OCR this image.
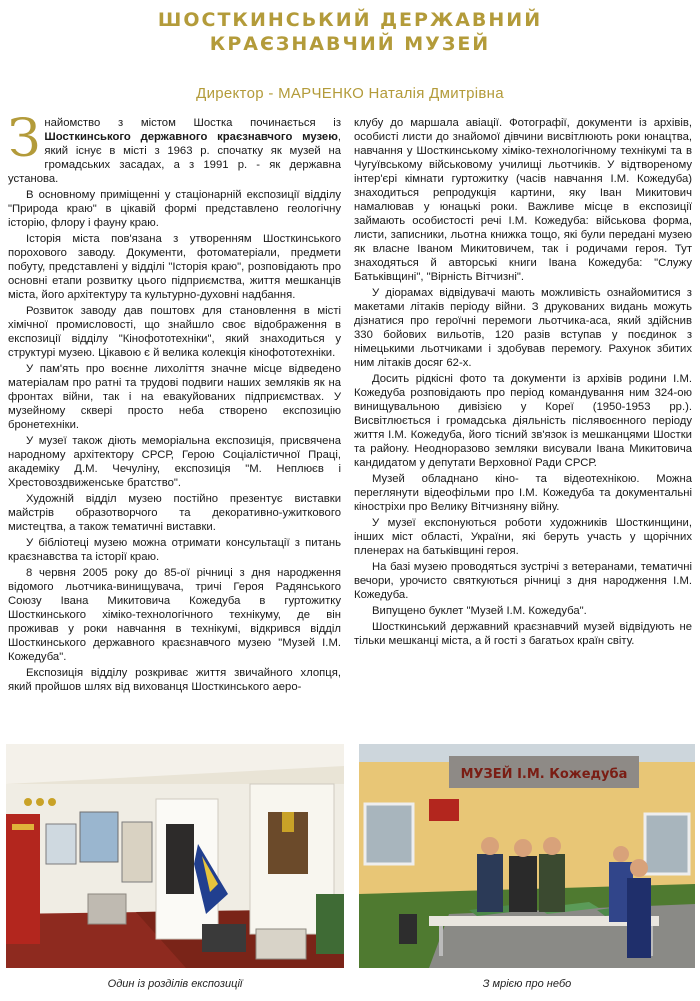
ШОСТКИНСЬКИЙ ДЕРЖАВНИЙ
КРАЄЗНАВЧИЙ МУЗЕЙ
Директор - МАРЧЕНКО Наталія Дмитрівна

Знайомство з містом Шостка починається із Шосткинського державного краєзнавчого музею, який існує в місті з 1963 р. спочатку як музей на громадських засадах, а з 1991 р. - як державна установа.

В основному приміщенні у стаціонарній експозиції відділу "Природа краю" в цікавій формі представлено геологічну історію, флору і фауну краю.

Історія міста пов'язана з утворенням Шосткинського порохового заводу. Документи, фотоматеріали, предмети побуту, представлені у відділі "Історія краю", розповідають про основні етапи розвитку цього підприємства, життя мешканців міста, його архітектуру та культурно-духовні надбання.

Розвиток заводу дав поштовх для становлення в місті хімічної промисловості, що знайшло своє відображення в експозиції відділу "Кінофототехніки", який знаходиться у структурі музею. Цікавою є й велика колекція кінофототехніки.

У пам'ять про воєнне лихоліття значне місце відведено матеріалам про ратні та трудові подвиги наших земляків як на фронтах війни, так і на евакуйованих підприємствах. У музейному сквері просто неба створено експозицію бронетехніки.

У музеї також діють меморіальна експозиція, присвячена народному архітектору СРСР, Герою Соціалістичної Праці, академіку Д.М. Чечуліну, експозиція "М. Неплюєв і Хрестовоздвиженське братство".

Художній відділ музею постійно презентує виставки майстрів образотворчого та декоративно-ужиткового мистецтва, а також тематичні виставки.

У бібліотеці музею можна отримати консультації з питань краєзнавства та історії краю.

8 червня 2005 року до 85-ої річниці з дня народження відомого льотчика-винищувача, тричі Героя Радянського Союзу Івана Микитовича Кожедуба в гуртожитку Шосткинського хіміко-технологічного технікуму, де він проживав у роки навчання в технікумі, відкрився відділ Шосткинського державного краєзнавчого музею "Музей І.М. Кожедуба".

Експозиція відділу розкриває життя звичайного хлопця, який пройшов шлях від вихованця Шосткинського аеро-

клубу до маршала авіації. Фотографії, документи із архівів, особисті листи до знайомої дівчини висвітлюють роки юнацтва, навчання у Шосткинському хіміко-технологічному технікумі та в Чугуївському військовому училищі льотчиків. У відтвореному інтер'єрі кімнати гуртожитку (часів навчання І.М. Кожедуба) знаходиться репродукція картини, яку Іван Микитович намалював у юнацькі роки. Важливе місце в експозиції займають особистості речі І.М. Кожедуба: військова форма, листи, записники, льотна книжка тощо, які були передані музею як власне Іваном Микитовичем, так і родичами героя. Тут знаходяться й авторські книги Івана Кожедуба: "Служу Батьківщині", "Вірність Вітчизні".

У діорамах відвідувачі мають можливість ознайомитися з макетами літаків періоду війни. З друкованих видань можуть дізнатися про героїчні перемоги льотчика-аса, який здійснив 330 бойових вильотів, 120 разів вступав у поєдинок з німецькими льотчиками і здобував перемогу. Рахунок збитих ним літаків досяг 62-х.

Досить рідкісні фото та документи із архівів родини І.М. Кожедуба розповідають про період командування ним 324-ою винищувальною дивізією у Кореї (1950-1953 рр.). Висвітлюється і громадська діяльність післявоєнного періоду життя І.М. Кожедуба, його тісний зв'язок із мешканцями Шостки та району. Неодноразово земляки висували Івана Микитовича кандидатом у депутати Верховної Ради СРСР.

Музей обладнано кіно- та відеотехнікою. Можна переглянути відеофільми про І.М. Кожедуба та документальні кіностріхи про Велику Вітчизняну війну.

У музеї експонуються роботи художників Шосткинщини, інших міст області, України, які беруть участь у щорічних пленерах на батьківщині героя.

На базі музею проводяться зустрічі з ветеранами, тематичні вечори, урочисто святкуються річниці з дня народження І.М. Кожедуба.

Випущено буклет "Музей І.М. Кожедуба".

Шосткинський державний краєзнавчий музей відвідують не тільки мешканці міста, а й гості з багатьох країн світу.

МУЗЕЙ І.М. Кожедуба
Один із розділів експозиції	З мрією про небо
